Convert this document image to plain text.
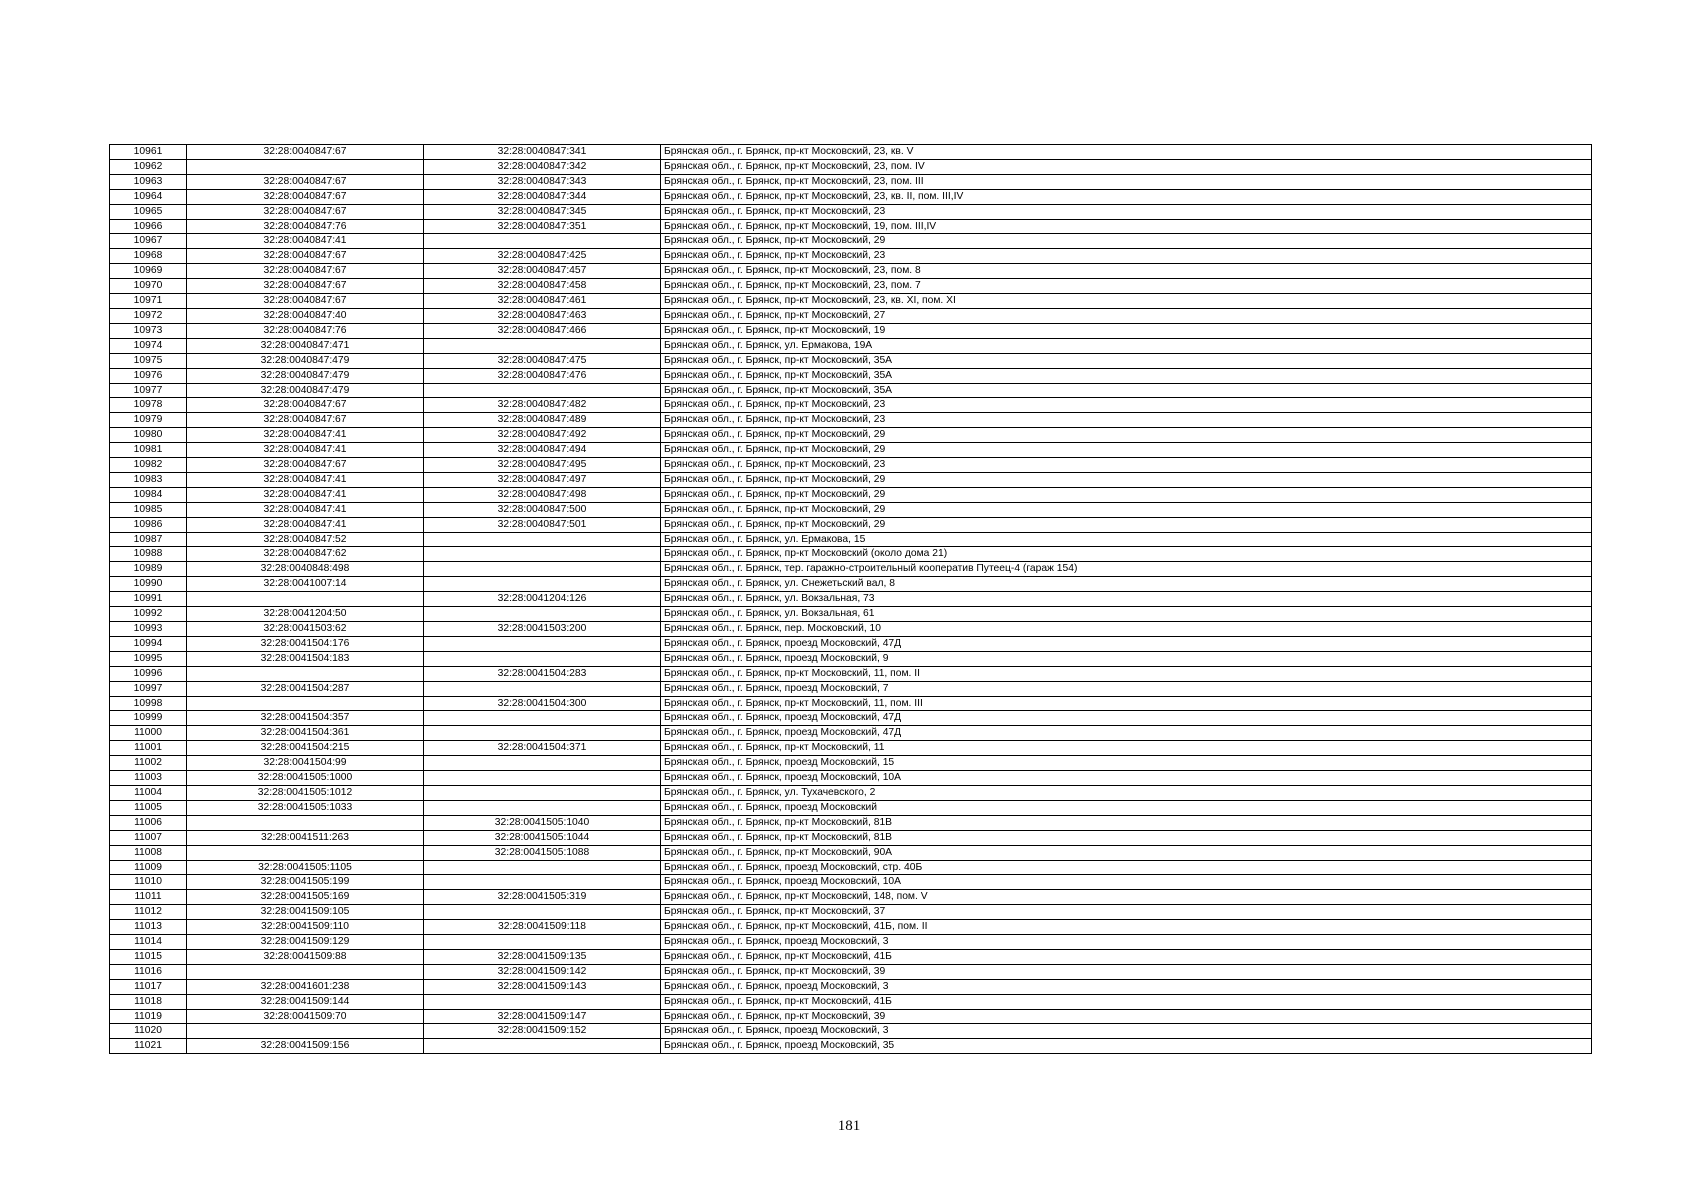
10961	32:28:0040847:67	32:28:0040847:341	Брянская обл., г. Брянск, пр-кт Московский, 23, кв. V
10962		32:28:0040847:342	Брянская обл., г. Брянск, пр-кт Московский, 23, пом. IV
10963	32:28:0040847:67	32:28:0040847:343	Брянская обл., г. Брянск, пр-кт Московский, 23, пом. III
10964	32:28:0040847:67	32:28:0040847:344	Брянская обл., г. Брянск, пр-кт Московский, 23, кв. II, пом. III,IV
10965	32:28:0040847:67	32:28:0040847:345	Брянская обл., г. Брянск, пр-кт Московский, 23
10966	32:28:0040847:76	32:28:0040847:351	Брянская обл., г. Брянск, пр-кт Московский, 19, пом. III,IV
10967	32:28:0040847:41		Брянская обл., г. Брянск, пр-кт Московский, 29
10968	32:28:0040847:67	32:28:0040847:425	Брянская обл., г. Брянск, пр-кт Московский, 23
10969	32:28:0040847:67	32:28:0040847:457	Брянская обл., г. Брянск, пр-кт Московский, 23, пом. 8
10970	32:28:0040847:67	32:28:0040847:458	Брянская обл., г. Брянск, пр-кт Московский, 23, пом. 7
10971	32:28:0040847:67	32:28:0040847:461	Брянская обл., г. Брянск, пр-кт Московский, 23, кв. XI, пом. XI
10972	32:28:0040847:40	32:28:0040847:463	Брянская обл., г. Брянск, пр-кт Московский, 27
10973	32:28:0040847:76	32:28:0040847:466	Брянская обл., г. Брянск, пр-кт Московский, 19
10974	32:28:0040847:471		Брянская обл., г. Брянск, ул. Ермакова, 19А
10975	32:28:0040847:479	32:28:0040847:475	Брянская обл., г. Брянск, пр-кт Московский, 35А
10976	32:28:0040847:479	32:28:0040847:476	Брянская обл., г. Брянск, пр-кт Московский, 35А
10977	32:28:0040847:479		Брянская обл., г. Брянск, пр-кт Московский, 35А
10978	32:28:0040847:67	32:28:0040847:482	Брянская обл., г. Брянск, пр-кт Московский, 23
10979	32:28:0040847:67	32:28:0040847:489	Брянская обл., г. Брянск, пр-кт Московский, 23
10980	32:28:0040847:41	32:28:0040847:492	Брянская обл., г. Брянск, пр-кт Московский, 29
10981	32:28:0040847:41	32:28:0040847:494	Брянская обл., г. Брянск, пр-кт Московский, 29
10982	32:28:0040847:67	32:28:0040847:495	Брянская обл., г. Брянск, пр-кт Московский, 23
10983	32:28:0040847:41	32:28:0040847:497	Брянская обл., г. Брянск, пр-кт Московский, 29
10984	32:28:0040847:41	32:28:0040847:498	Брянская обл., г. Брянск, пр-кт Московский, 29
10985	32:28:0040847:41	32:28:0040847:500	Брянская обл., г. Брянск, пр-кт Московский, 29
10986	32:28:0040847:41	32:28:0040847:501	Брянская обл., г. Брянск, пр-кт Московский, 29
10987	32:28:0040847:52		Брянская обл., г. Брянск, ул. Ермакова, 15
10988	32:28:0040847:62		Брянская обл., г. Брянск, пр-кт Московский (около дома 21)
10989	32:28:0040848:498		Брянская обл., г. Брянск, тер. гаражно-строительный кооператив Путеец-4 (гараж 154)
10990	32:28:0041007:14		Брянская обл., г. Брянск, ул. Снежетьский вал, 8
10991		32:28:0041204:126	Брянская обл., г. Брянск, ул. Вокзальная, 73
10992	32:28:0041204:50		Брянская обл., г. Брянск, ул. Вокзальная, 61
10993	32:28:0041503:62	32:28:0041503:200	Брянская обл., г. Брянск, пер. Московский, 10
10994	32:28:0041504:176		Брянская обл., г. Брянск, проезд Московский, 47Д
10995	32:28:0041504:183		Брянская обл., г. Брянск, проезд Московский, 9
10996		32:28:0041504:283	Брянская обл., г. Брянск, пр-кт Московский, 11, пом. II
10997	32:28:0041504:287		Брянская обл., г. Брянск, проезд Московский, 7
10998		32:28:0041504:300	Брянская обл., г. Брянск, пр-кт Московский, 11, пом. III
10999	32:28:0041504:357		Брянская обл., г. Брянск, проезд Московский, 47Д
11000	32:28:0041504:361		Брянская обл., г. Брянск, проезд Московский, 47Д
11001	32:28:0041504:215	32:28:0041504:371	Брянская обл., г. Брянск, пр-кт Московский, 11
11002	32:28:0041504:99		Брянская обл., г. Брянск, проезд Московский, 15
11003	32:28:0041505:1000		Брянская обл., г. Брянск, проезд Московский, 10А
11004	32:28:0041505:1012		Брянская обл., г. Брянск, ул. Тухачевского, 2
11005	32:28:0041505:1033		Брянская обл., г. Брянск, проезд Московский
11006		32:28:0041505:1040	Брянская обл., г. Брянск, пр-кт Московский, 81В
11007	32:28:0041511:263	32:28:0041505:1044	Брянская обл., г. Брянск, пр-кт Московский, 81В
11008		32:28:0041505:1088	Брянская обл., г. Брянск, пр-кт Московский, 90А
11009	32:28:0041505:1105		Брянская обл., г. Брянск, проезд Московский, стр. 40Б
11010	32:28:0041505:199		Брянская обл., г. Брянск, проезд Московский, 10А
11011	32:28:0041505:169	32:28:0041505:319	Брянская обл., г. Брянск, пр-кт Московский, 148, пом. V
11012	32:28:0041509:105		Брянская обл., г. Брянск, пр-кт Московский, 37
11013	32:28:0041509:110	32:28:0041509:118	Брянская обл., г. Брянск, пр-кт Московский, 41Б, пом. II
11014	32:28:0041509:129		Брянская обл., г. Брянск, проезд Московский, 3
11015	32:28:0041509:88	32:28:0041509:135	Брянская обл., г. Брянск, пр-кт Московский, 41Б
11016		32:28:0041509:142	Брянская обл., г. Брянск, пр-кт Московский, 39
11017	32:28:0041601:238	32:28:0041509:143	Брянская обл., г. Брянск, проезд Московский, 3
11018	32:28:0041509:144		Брянская обл., г. Брянск, пр-кт Московский, 41Б
11019	32:28:0041509:70	32:28:0041509:147	Брянская обл., г. Брянск, пр-кт Московский, 39
11020		32:28:0041509:152	Брянская обл., г. Брянск, проезд Московский, 3
11021	32:28:0041509:156		Брянская обл., г. Брянск, проезд Московский, 35
181
